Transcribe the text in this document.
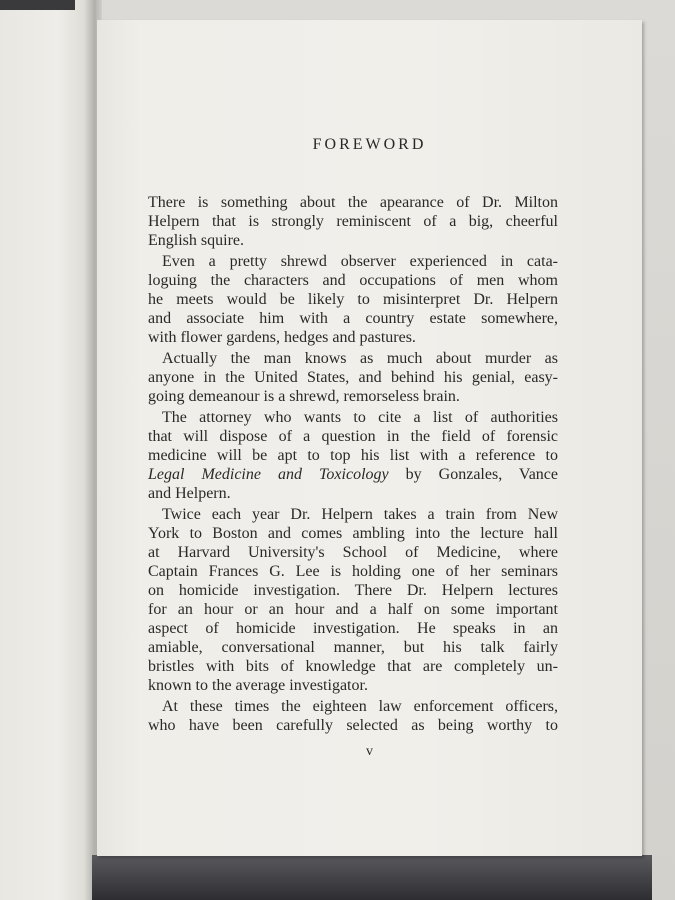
FOREWORD
There is something about the apearance of Dr. Milton
Helpern that is strongly reminiscent of a big, cheerful
English squire.
Even a pretty shrewd observer experienced in cata-
loguing the characters and occupations of men whom
he meets would be likely to misinterpret Dr. Helpern
and associate him with a country estate somewhere,
with flower gardens, hedges and pastures.
Actually the man knows as much about murder as
anyone in the United States, and behind his genial, easy-
going demeanour is a shrewd, remorseless brain.
The attorney who wants to cite a list of authorities
that will dispose of a question in the field of forensic
medicine will be apt to top his list with a reference to
Legal Medicine and Toxicology by Gonzales, Vance
and Helpern.
Twice each year Dr. Helpern takes a train from New
York to Boston and comes ambling into the lecture hall
at Harvard University's School of Medicine, where
Captain Frances G. Lee is holding one of her seminars
on homicide investigation. There Dr. Helpern lectures
for an hour or an hour and a half on some important
aspect of homicide investigation. He speaks in an
amiable, conversational manner, but his talk fairly
bristles with bits of knowledge that are completely un-
known to the average investigator.
At these times the eighteen law enforcement officers,
who have been carefully selected as being worthy to
v
